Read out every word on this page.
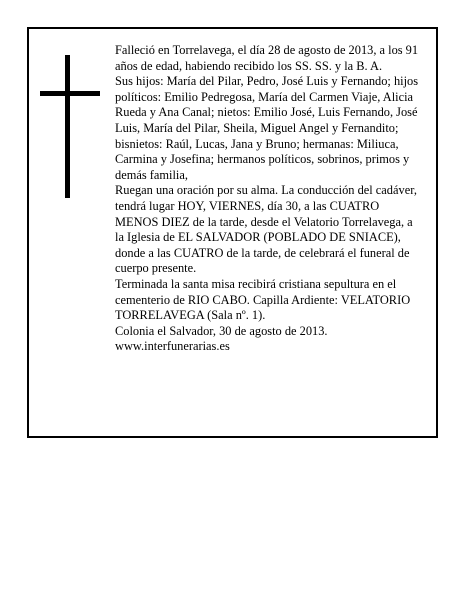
Falleció en Torrelavega, el día 28 de agosto de 2013, a los 91 años de edad, habiendo recibido los SS. SS. y la B. A.

Sus hijos: María del Pilar, Pedro, José Luis y Fernando; hijos políticos: Emilio Pedregosa, María del Carmen Viaje, Alicia Rueda y Ana Canal; nietos: Emilio José, Luis Fernando, José Luis, María del Pilar, Sheila, Miguel Angel y Fernandito; bisnietos: Raúl, Lucas, Jana y Bruno; hermanas: Miliuca, Carmina y Josefina; hermanos políticos, sobrinos, primos y demás familia,

Ruegan una oración por su alma. La conducción del cadáver, tendrá lugar HOY, VIERNES, día 30, a las CUATRO MENOS DIEZ de la tarde, desde el Velatorio Torrelavega, a la Iglesia de EL SALVADOR (POBLADO DE SNIACE), donde a las CUATRO de la tarde, de celebrará el funeral de cuerpo presente.

Terminada la santa misa recibirá cristiana sepultura en el cementerio de RIO CABO. Capilla Ardiente: VELATORIO TORRELAVEGA (Sala nº. 1).

Colonia el Salvador, 30 de agosto de 2013.

www.interfunerarias.es
